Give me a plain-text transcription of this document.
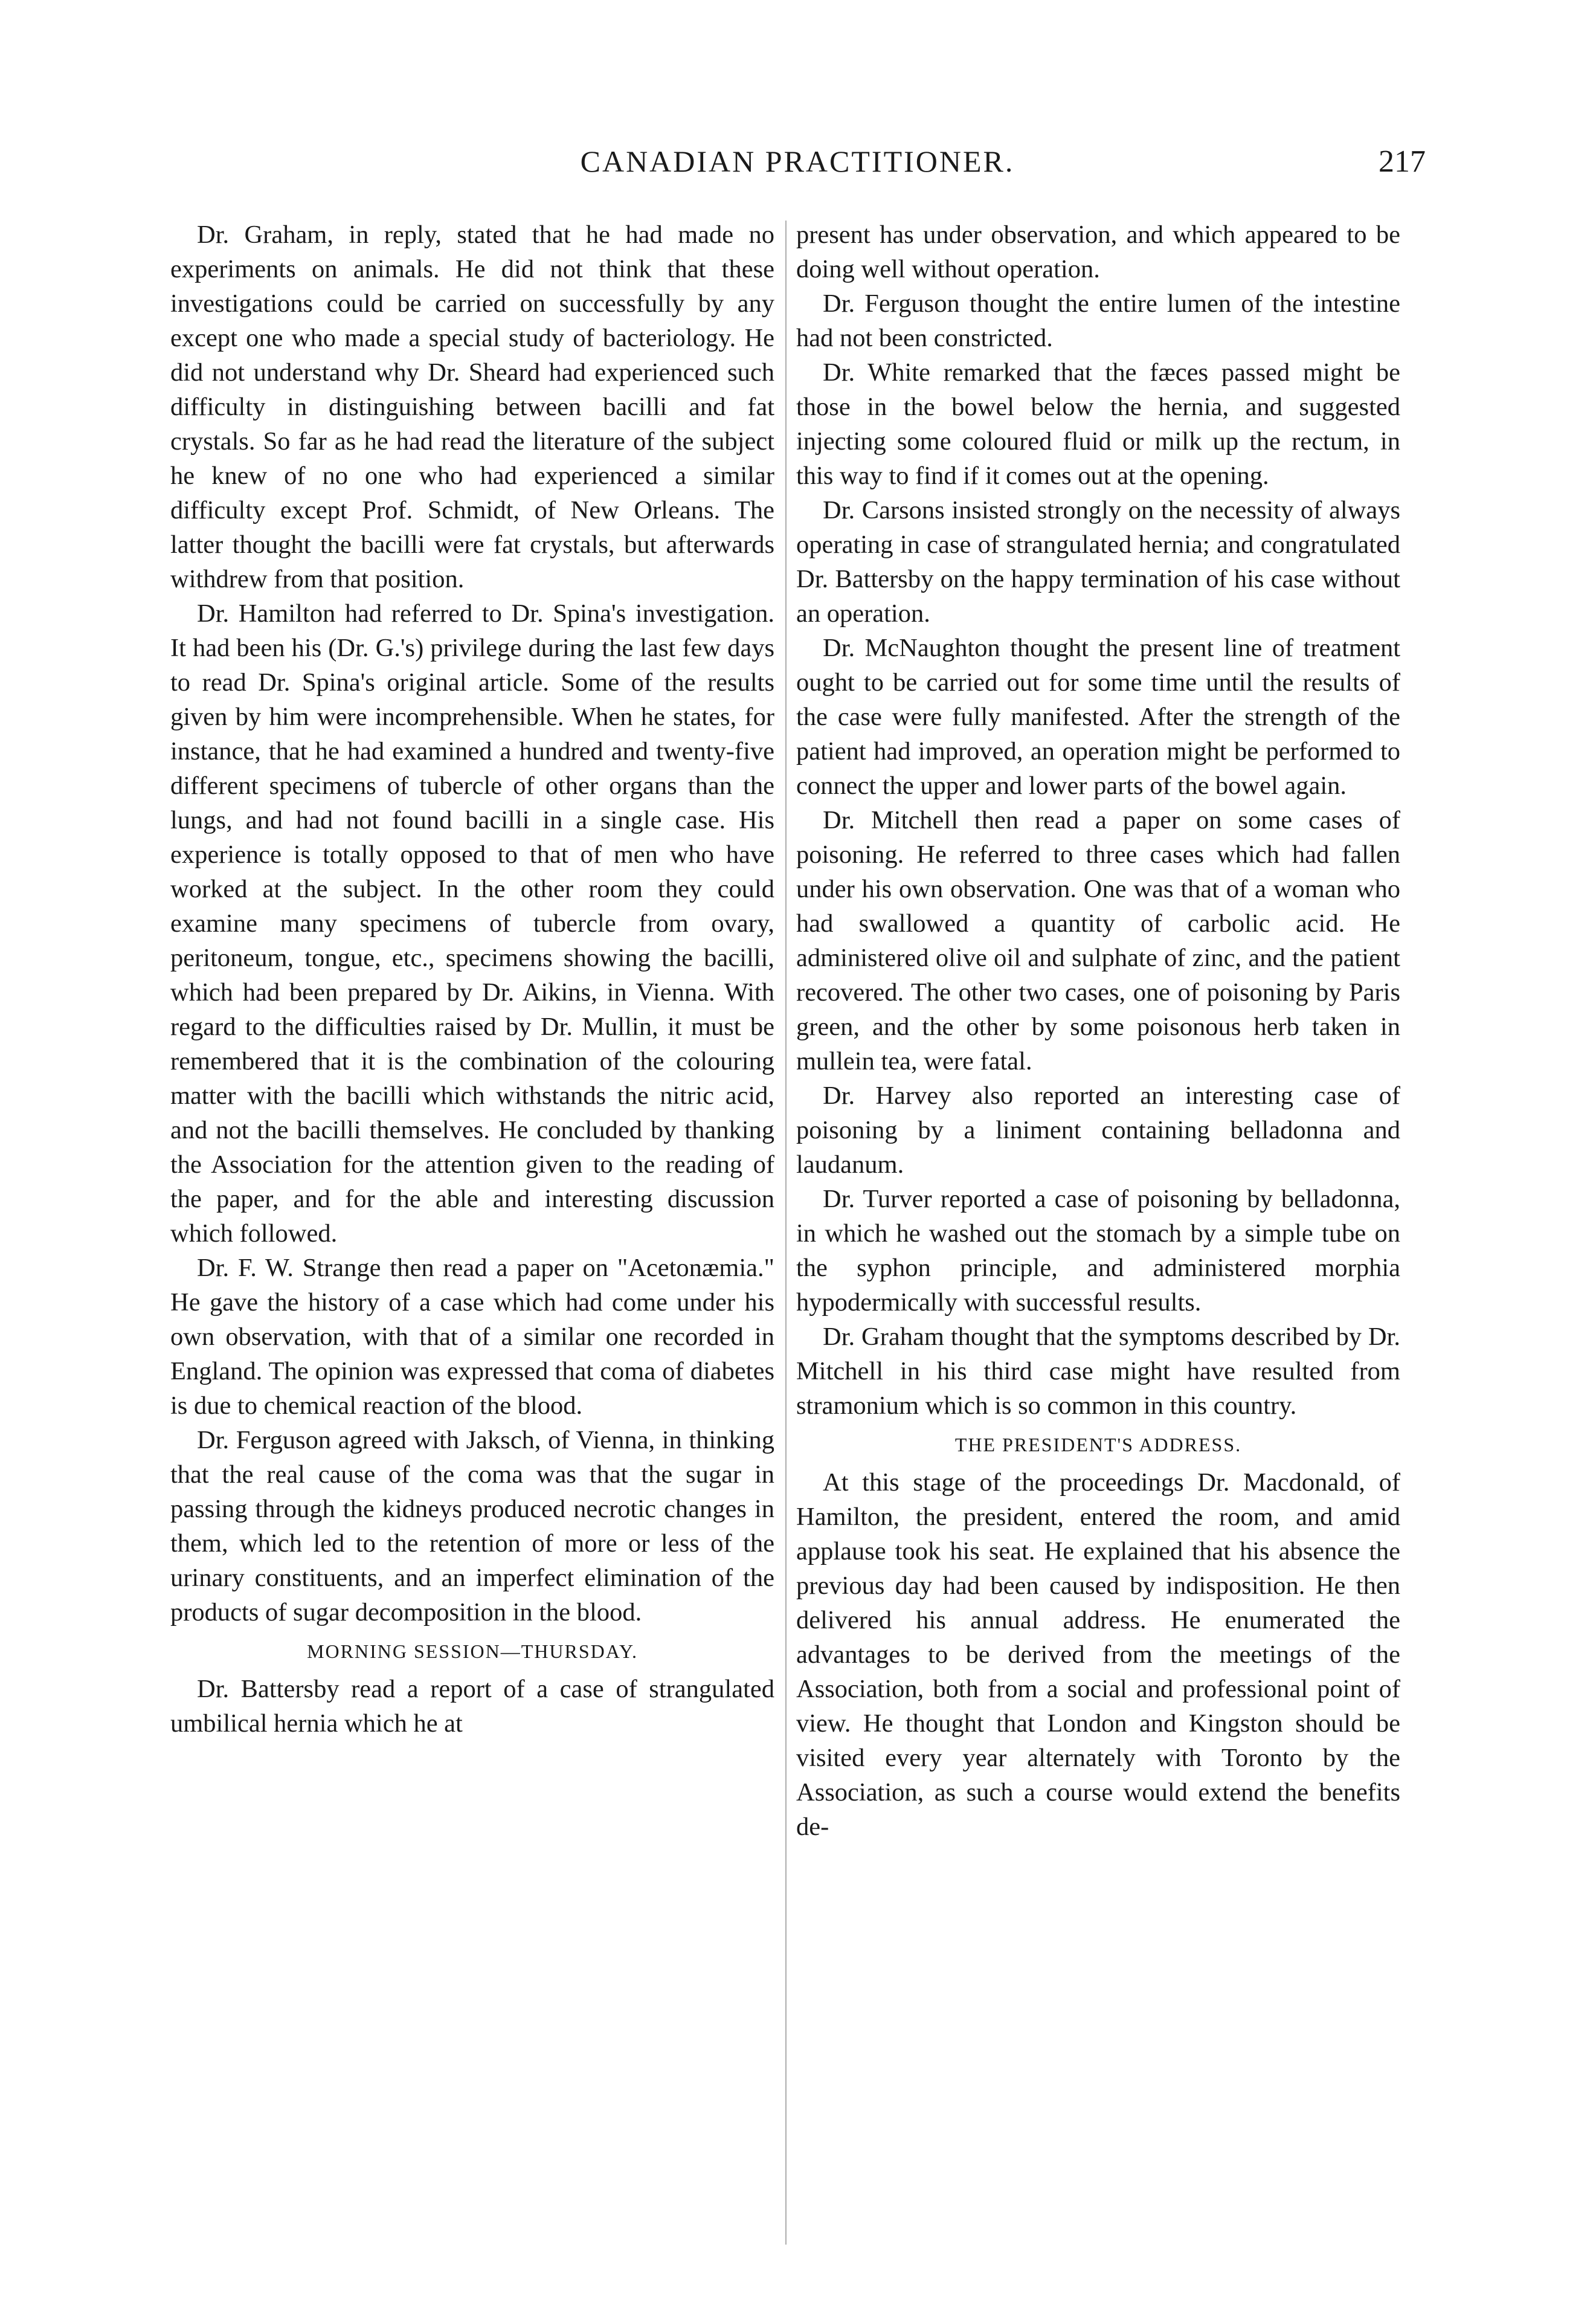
CANADIAN PRACTITIONER.	217

Dr. Graham, in reply, stated that he had made no experiments on animals. He did not think that these investigations could be carried on successfully by any except one who made a special study of bacteriology. He did not understand why Dr. Sheard had experienced such difficulty in distinguishing between bacilli and fat crystals. So far as he had read the literature of the subject he knew of no one who had experienced a similar difficulty except Prof. Schmidt, of New Orleans. The latter thought the bacilli were fat crystals, but afterwards withdrew from that position.

Dr. Hamilton had referred to Dr. Spina's investigation. It had been his (Dr. G.'s) privilege during the last few days to read Dr. Spina's original article. Some of the results given by him were incomprehensible. When he states, for instance, that he had examined a hundred and twenty-five different specimens of tubercle of other organs than the lungs, and had not found bacilli in a single case. His experience is totally opposed to that of men who have worked at the subject. In the other room they could examine many specimens of tubercle from ovary, peritoneum, tongue, etc., specimens showing the bacilli, which had been prepared by Dr. Aikins, in Vienna. With regard to the difficulties raised by Dr. Mullin, it must be remembered that it is the combination of the colouring matter with the bacilli which withstands the nitric acid, and not the bacilli themselves. He concluded by thanking the Association for the attention given to the reading of the paper, and for the able and interesting discussion which followed.

Dr. F. W. Strange then read a paper on "Acetonæmia." He gave the history of a case which had come under his own observation, with that of a similar one recorded in England. The opinion was expressed that coma of diabetes is due to chemical reaction of the blood.

Dr. Ferguson agreed with Jaksch, of Vienna, in thinking that the real cause of the coma was that the sugar in passing through the kidneys produced necrotic changes in them, which led to the retention of more or less of the urinary constituents, and an imperfect elimination of the products of sugar decomposition in the blood.

MORNING SESSION—THURSDAY.

Dr. Battersby read a report of a case of strangulated umbilical hernia which he at

present has under observation, and which appeared to be doing well without operation.

Dr. Ferguson thought the entire lumen of the intestine had not been constricted.

Dr. White remarked that the fæces passed might be those in the bowel below the hernia, and suggested injecting some coloured fluid or milk up the rectum, in this way to find if it comes out at the opening.

Dr. Carsons insisted strongly on the necessity of always operating in case of strangulated hernia; and congratulated Dr. Battersby on the happy termination of his case without an operation.

Dr. McNaughton thought the present line of treatment ought to be carried out for some time until the results of the case were fully manifested. After the strength of the patient had improved, an operation might be performed to connect the upper and lower parts of the bowel again.

Dr. Mitchell then read a paper on some cases of poisoning. He referred to three cases which had fallen under his own observation. One was that of a woman who had swallowed a quantity of carbolic acid. He administered olive oil and sulphate of zinc, and the patient recovered. The other two cases, one of poisoning by Paris green, and the other by some poisonous herb taken in mullein tea, were fatal.

Dr. Harvey also reported an interesting case of poisoning by a liniment containing belladonna and laudanum.

Dr. Turver reported a case of poisoning by belladonna, in which he washed out the stomach by a simple tube on the syphon principle, and administered morphia hypodermically with successful results.

Dr. Graham thought that the symptoms described by Dr. Mitchell in his third case might have resulted from stramonium which is so common in this country.

THE PRESIDENT'S ADDRESS.

At this stage of the proceedings Dr. Macdonald, of Hamilton, the president, entered the room, and amid applause took his seat. He explained that his absence the previous day had been caused by indisposition. He then delivered his annual address. He enumerated the advantages to be derived from the meetings of the Association, both from a social and professional point of view. He thought that London and Kingston should be visited every year alternately with Toronto by the Association, as such a course would extend the benefits de-
